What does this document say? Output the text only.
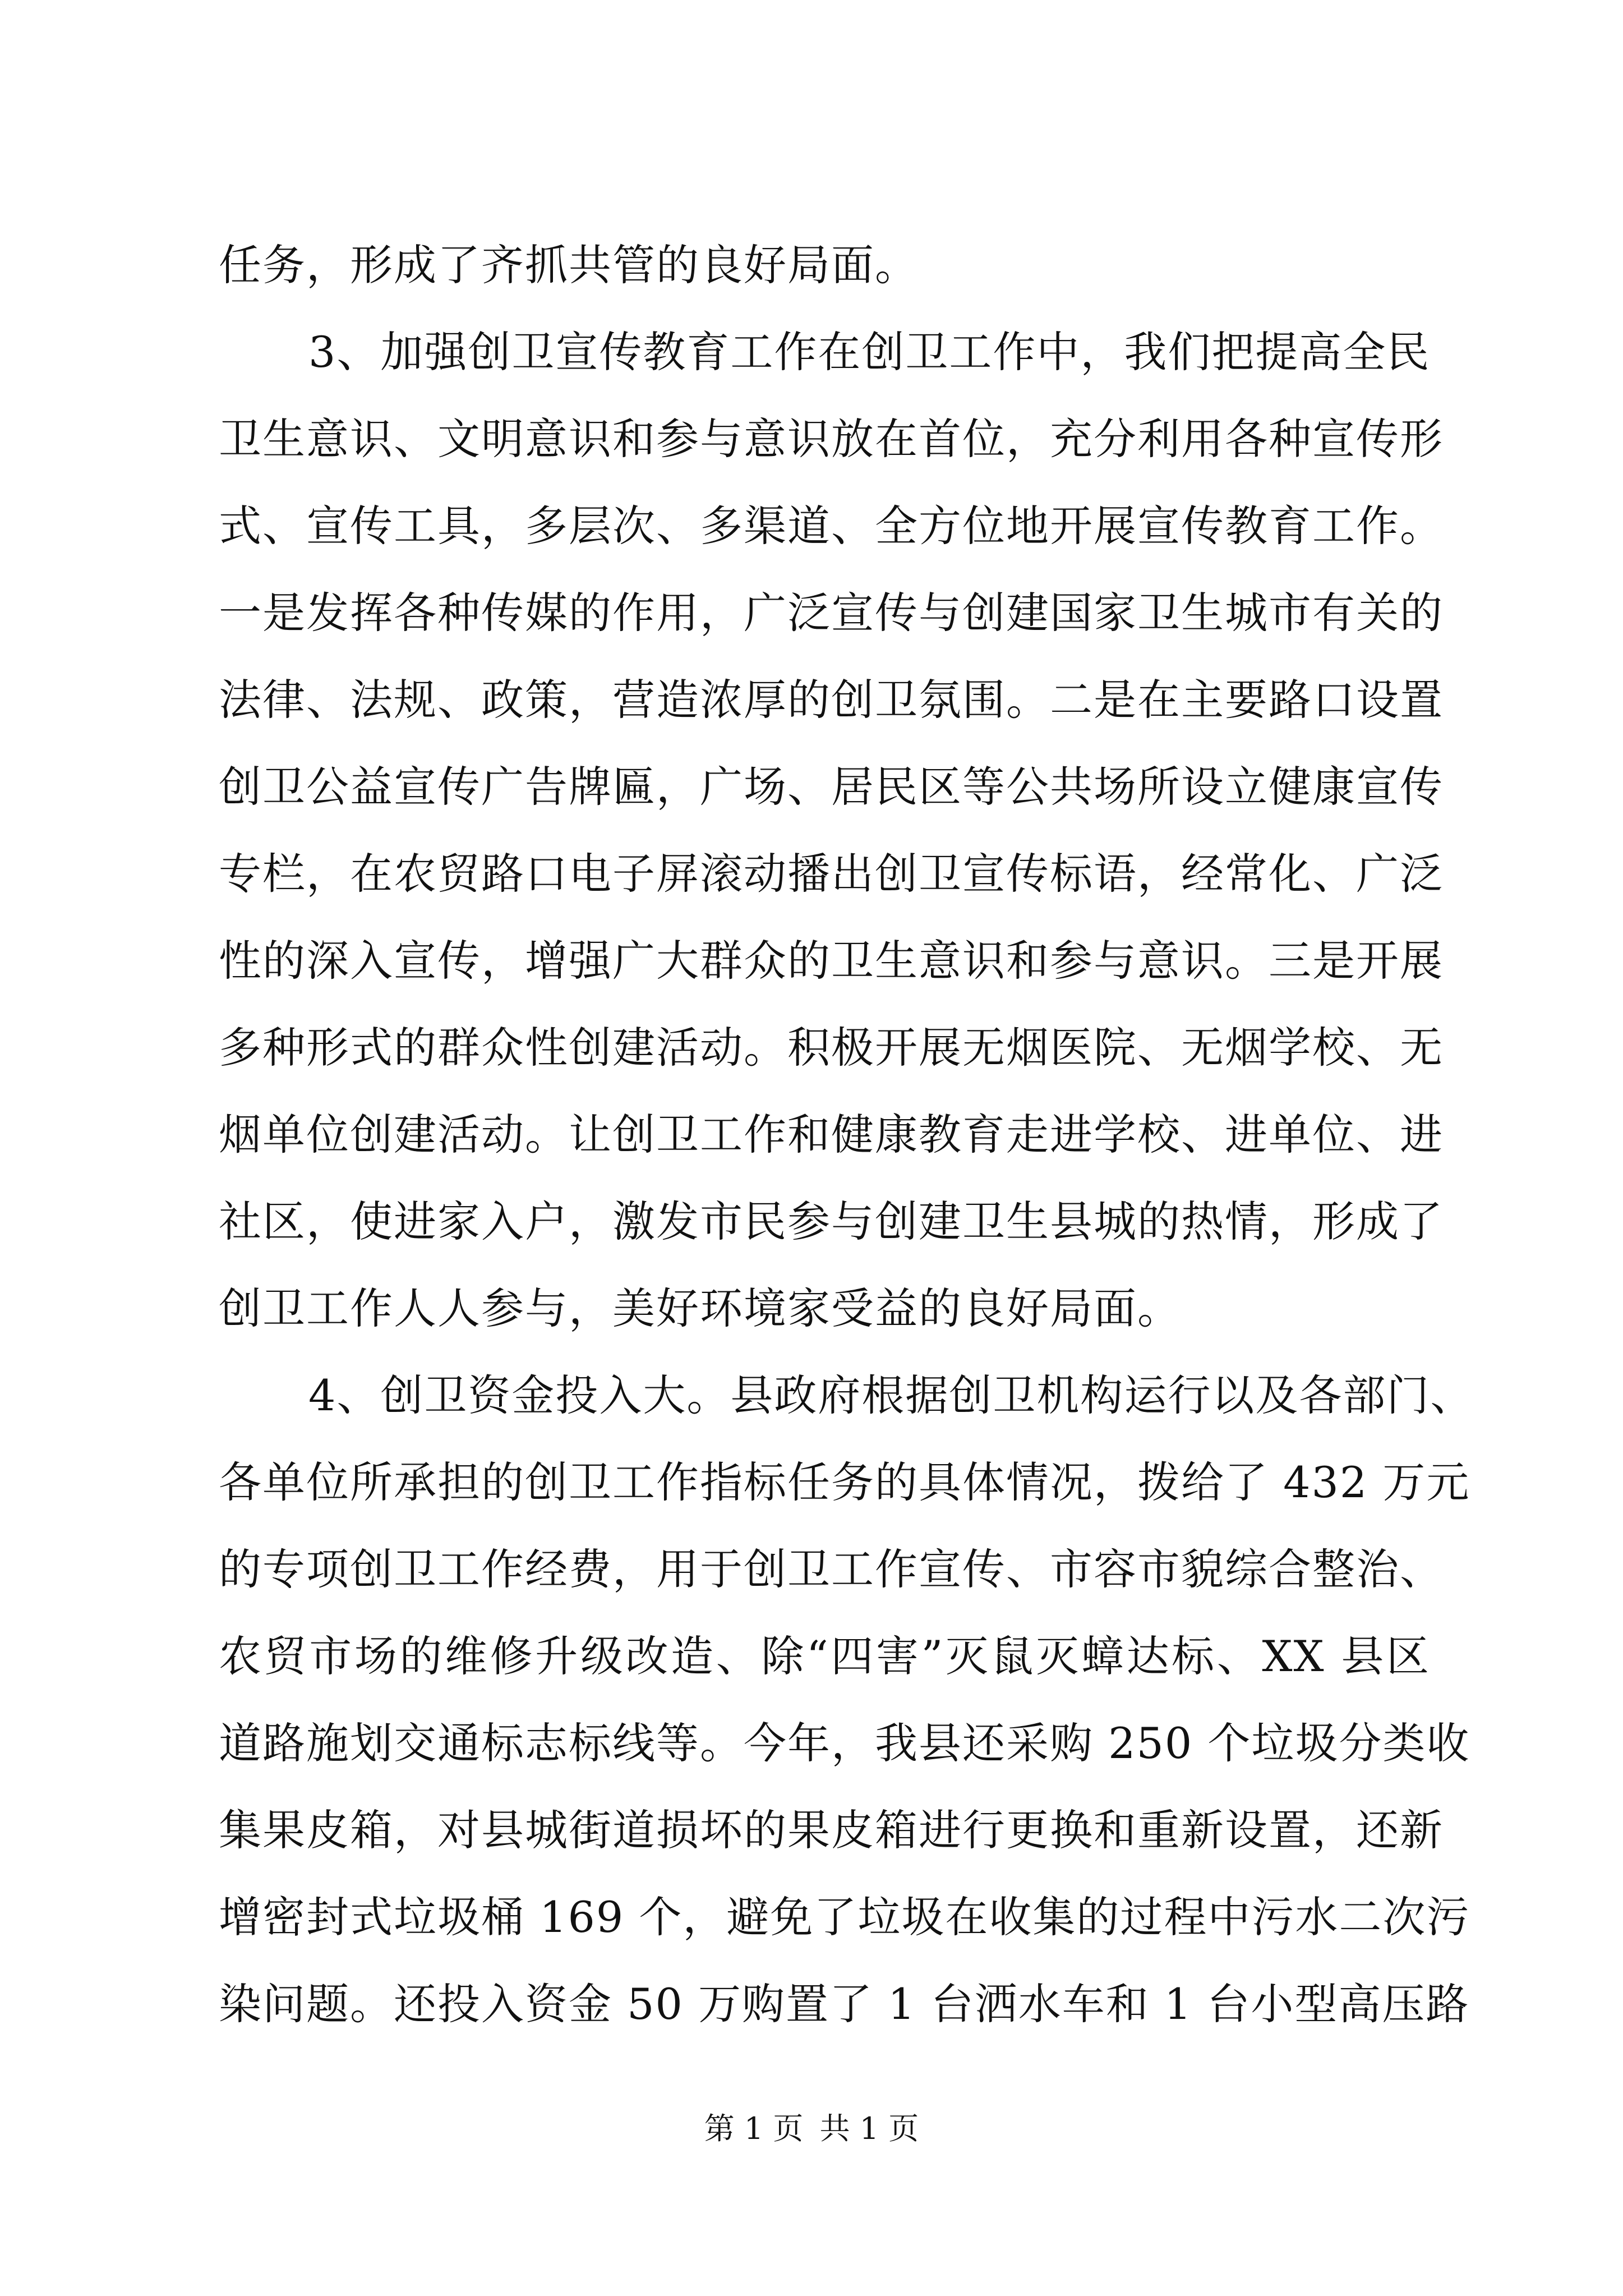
任务，形成了齐抓共管的良好局面。
3、加强创卫宣传教育工作在创卫工作中，我们把提高全民
卫生意识、文明意识和参与意识放在首位，充分利用各种宣传形
式、宣传工具，多层次、多渠道、全方位地开展宣传教育工作。
一是发挥各种传媒的作用，广泛宣传与创建国家卫生城市有关的
法律、法规、政策，营造浓厚的创卫氛围。二是在主要路口设置
创卫公益宣传广告牌匾，广场、居民区等公共场所设立健康宣传
专栏，在农贸路口电子屏滚动播出创卫宣传标语，经常化、广泛
性的深入宣传，增强广大群众的卫生意识和参与意识。三是开展
多种形式的群众性创建活动。积极开展无烟医院、无烟学校、无
烟单位创建活动。让创卫工作和健康教育走进学校、进单位、进
社区，使进家入户，激发市民参与创建卫生县城的热情，形成了
创卫工作人人参与，美好环境家受益的良好局面。
4、创卫资金投入大。县政府根据创卫机构运行以及各部门、
各单位所承担的创卫工作指标任务的具体情况，拨给了 432 万元
的专项创卫工作经费，用于创卫工作宣传、市容市貌综合整治、
农贸市场的维修升级改造、除“四害”灭鼠灭蟑达标、XX 县区
道路施划交通标志标线等。今年，我县还采购 250 个垃圾分类收
集果皮箱，对县城街道损坏的果皮箱进行更换和重新设置，还新
增密封式垃圾桶 169 个，避免了垃圾在收集的过程中污水二次污
染问题。还投入资金 50 万购置了 1 台洒水车和 1 台小型高压路
第 1 页 共 1 页
